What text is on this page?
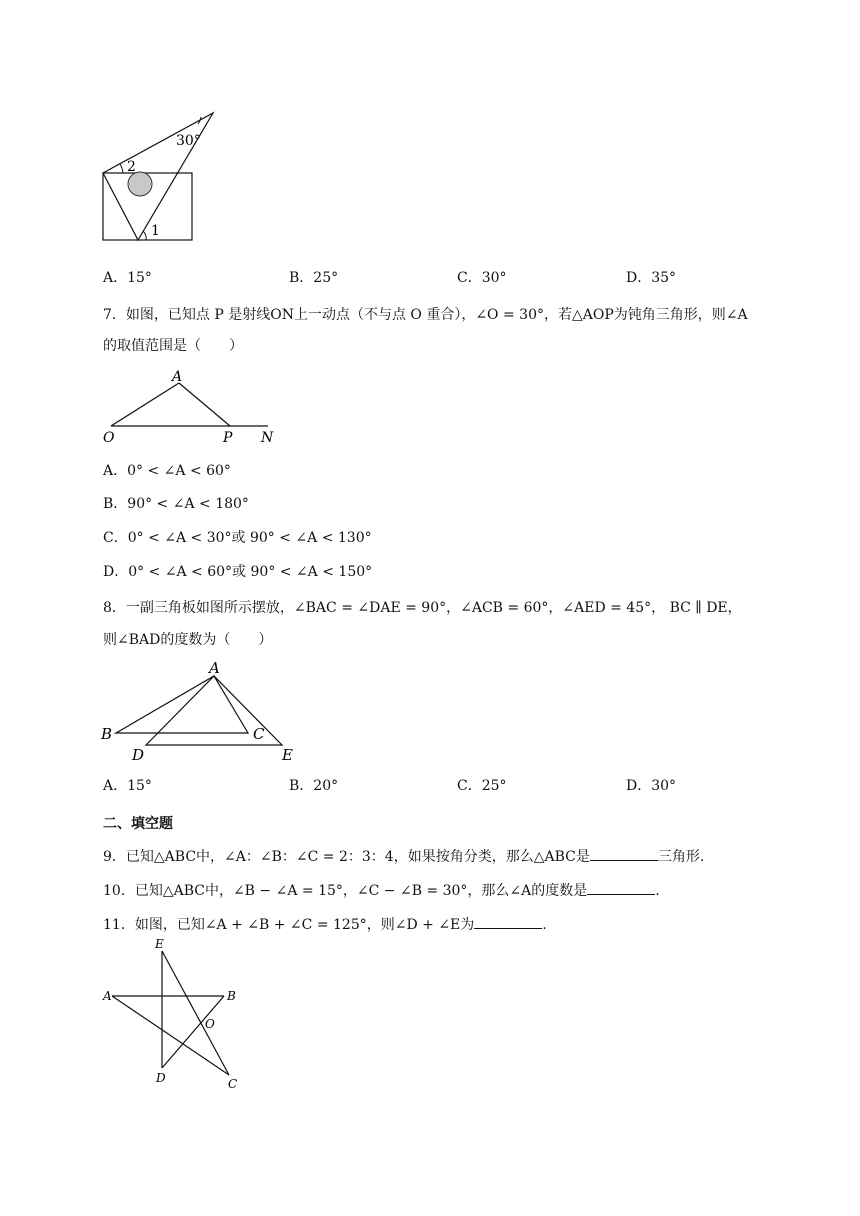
30°
2
1
A．15°	B．25°	C．30°	D．35°
7．如图，已知点 P 是射线ON上一动点（不与点 O 重合），∠O = 30°，若△AOP为钝角三角形，则∠A
的取值范围是（　　）
A
O	P N
A．0° < ∠A < 60°
B．90° < ∠A < 180°
C．0° < ∠A < 30°或 90° < ∠A < 130°
D．0° < ∠A < 60°或 90° < ∠A < 150°
8．一副三角板如图所示摆放，∠BAC = ∠DAE = 90°，∠ACB = 60°，∠AED = 45°， BC ∥ DE，
则∠BAD的度数为（　　）
A
B	C
D	E
A．15°	B．20°	C．25°	D．30°
二、填空题
9．已知△ABC中，∠A：∠B：∠C = 2：3：4，如果按角分类，那么△ABC是	三角形.
10．已知△ABC中，∠B − ∠A = 15°，∠C − ∠B = 30°，那么∠A的度数是	.
11．如图，已知∠A + ∠B + ∠C = 125°，则∠D + ∠E为	.
E
A	B
O
D	C
